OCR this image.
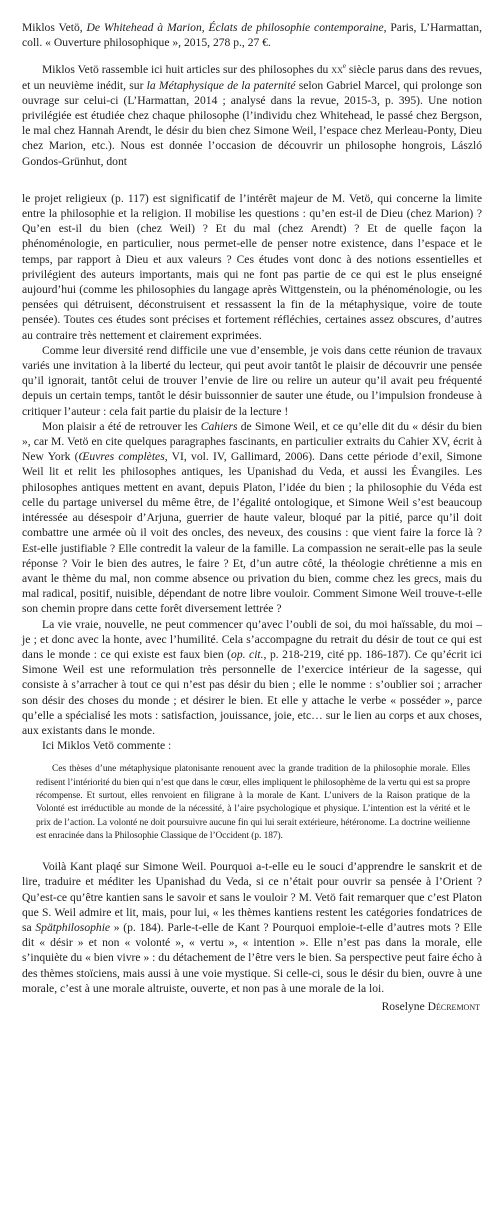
Miklos Vetö, De Whitehead à Marion, Éclats de philosophie contemporaine, Paris, L’Harmattan, coll. « Ouverture philosophique », 2015, 278 p., 27 €.

Miklos Vetö rassemble ici huit articles sur des philosophes du $xx^e$ siècle parus dans des revues, et un neuvième inédit, sur la Métaphysique de la paternité selon Gabriel Marcel, qui prolonge son ouvrage sur celui-ci (L’Harmattan, 2014 ; analysé dans la revue, 2015-3, p. 395). Une notion privilégiée est étudiée chez chaque philosophe (l’individu chez Whitehead, le passé chez Bergson, le mal chez Hannah Arendt, le désir du bien chez Simone Weil, l’espace chez Merleau-Ponty, Dieu chez Marion, etc.). Nous est donnée l’occasion de découvrir un philosophe hongrois, László Gondos-Grünhut, dont

le projet religieux (p. 117) est significatif de l’intérêt majeur de M. Vetö, qui concerne la limite entre la philosophie et la religion. Il mobilise les questions : qu’en est-il de Dieu (chez Marion) ? Qu’en est-il du bien (chez Weil) ? Et du mal (chez Arendt) ? Et de quelle façon la phénoménologie, en particulier, nous permet-elle de penser notre existence, dans l’espace et le temps, par rapport à Dieu et aux valeurs ? Ces études vont donc à des notions essentielles et privilégient des auteurs importants, mais qui ne font pas partie de ce qui est le plus enseigné aujourd’hui (comme les philosophies du langage après Wittgenstein, ou la phénoménologie, ou les pensées qui détruisent, déconstruisent et ressassent la fin de la métaphysique, voire de toute pensée). Toutes ces études sont précises et fortement réfléchies, certaines assez obscures, d’autres au contraire très nettement et clairement exprimées.

Comme leur diversité rend difficile une vue d’ensemble, je vois dans cette réunion de travaux variés une invitation à la liberté du lecteur, qui peut avoir tantôt le plaisir de découvrir une pensée qu’il ignorait, tantôt celui de trouver l’envie de lire ou relire un auteur qu’il avait peu fréquenté depuis un certain temps, tantôt le désir buissonnier de sauter une étude, ou l’impulsion frondeuse à critiquer l’auteur : cela fait partie du plaisir de la lecture !

Mon plaisir a été de retrouver les Cahiers de Simone Weil, et ce qu’elle dit du « désir du bien », car M. Vetö en cite quelques paragraphes fascinants, en particulier extraits du Cahier XV, écrit à New York (Œuvres complètes, VI, vol. IV, Gallimard, 2006). Dans cette période d’exil, Simone Weil lit et relit les philosophes antiques, les Upanishad du Veda, et aussi les Évangiles. Les philosophes antiques mettent en avant, depuis Platon, l’idée du bien ; la philosophie du Véda est celle du partage universel du même être, de l’égalité ontologique, et Simone Weil s’est beaucoup intéressée au désespoir d’Arjuna, guerrier de haute valeur, bloqué par la pitié, parce qu’il doit combattre une armée où il voit des oncles, des neveux, des cousins : que vient faire la force là ? Est-elle justifiable ? Elle contredit la valeur de la famille. La compassion ne serait-elle pas la seule réponse ? Voir le bien des autres, le faire ? Et, d’un autre côté, la théologie chrétienne a mis en avant le thème du mal, non comme absence ou privation du bien, comme chez les grecs, mais du mal radical, positif, nuisible, dépendant de notre libre vouloir. Comment Simone Weil trouve-t-elle son chemin propre dans cette forêt diversement lettrée ?

La vie vraie, nouvelle, ne peut commencer qu’avec l’oubli de soi, du moi haïssable, du moi – je ; et donc avec la honte, avec l’humilité. Cela s’accompagne du retrait du désir de tout ce qui est dans le monde : ce qui existe est faux bien (op. cit., p. 218-219, cité pp. 186-187). Ce qu’écrit ici Simone Weil est une reformulation très personnelle de l’exercice intérieur de la sagesse, qui consiste à s’arracher à tout ce qui n’est pas désir du bien ; elle le nomme : s’oublier soi ; arracher son désir des choses du monde ; et désirer le bien. Et elle y attache le verbe « posséder », parce qu’elle a spécialisé les mots : satisfaction, jouissance, joie, etc… sur le lien au corps et aux choses, aux existants dans le monde.

Ici Miklos Vetö commente :

Ces thèses d’une métaphysique platonisante renouent avec la grande tradition de la philosophie morale. Elles redisent l’intériorité du bien qui n’est que dans le cœur, elles impliquent le philosophème de la vertu qui est sa propre récompense. Et surtout, elles renvoient en filigrane à la morale de Kant. L’univers de la Raison pratique de la Volonté est irréductible au monde de la nécessité, à l’aire psychologique et physique. L’intention est la vérité et le prix de l’action. La volonté ne doit poursuivre aucune fin qui lui serait extérieure, hétéronome. La doctrine weilienne est enracinée dans la Philosophie Classique de l’Occident (p. 187).

Voilà Kant plaqé sur Simone Weil. Pourquoi a-t-elle eu le souci d’apprendre le sanskrit et de lire, traduire et méditer les Upanishad du Veda, si ce n’était pour ouvrir sa pensée à l’Orient ? Qu’est-ce qu’être kantien sans le savoir et sans le vouloir ? M. Vetö fait remarquer que c’est Platon que S. Weil admire et lit, mais, pour lui, « les thèmes kantiens restent les catégories fondatrices de sa Spätphilosophie » (p. 184). Parle-t-elle de Kant ? Pourquoi emploie-t-elle d’autres mots ? Elle dit « désir » et non « volonté », « vertu », « intention ». Elle n’est pas dans la morale, elle s’inquiète du « bien vivre » : du détachement de l’être vers le bien. Sa perspective peut faire écho à des thèmes stoïciens, mais aussi à une voie mystique. Si celle-ci, sous le désir du bien, ouvre à une morale, c’est à une morale altruiste, ouverte, et non pas à une morale de la loi.

Roselyne Décremont
